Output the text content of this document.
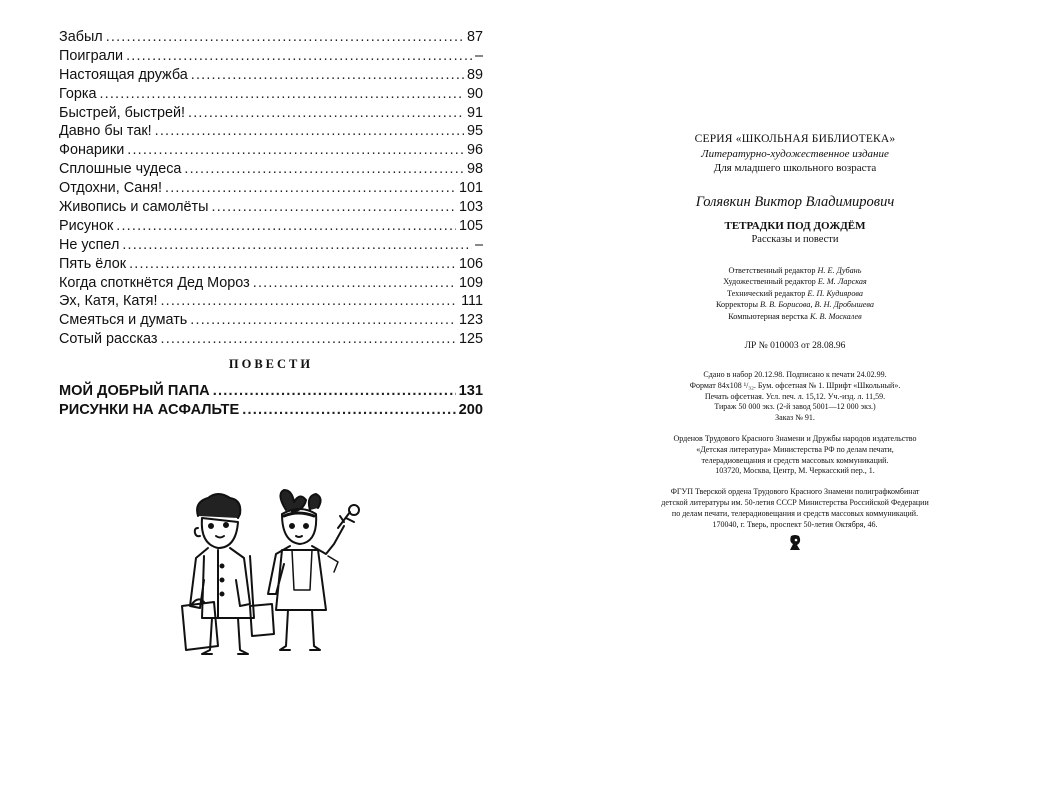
Забыл .....	87
Поиграли .....	–
Настоящая дружба .....	89
Горка .....	90
Быстрей, быстрей! .....	91
Давно бы так! .....	95
Фонарики .....	96
Сплошные чудеса .....	98
Отдохни, Саня! .....	101
Живопись и самолёты .....	103
Рисунок .....	105
Не успел .....	–
Пять ёлок .....	106
Когда споткнётся Дед Мороз .....	109
Эх, Катя, Катя! .....	111
Смеяться и думать .....	123
Сотый рассказ .....	125
ПОВЕСТИ
МОЙ ДОБРЫЙ ПАПА .....	131
РИСУНКИ НА АСФАЛЬТЕ .....	200
СЕРИЯ «ШКОЛЬНАЯ БИБЛИОТЕКА»
Литературно-художественное издание
Для младшего школьного возраста
Голявкин Виктор Владимирович
ТЕТРАДКИ ПОД ДОЖДЁМ
Рассказы и повести
Ответственный редактор Н. Е. Дубань
Художественный редактор Е. М. Ларская
Технический редактор Е. П. Кудиярова
Корректоры В. В. Борисова, В. Н. Дробышева
Компьютерная верстка К. В. Москалев
ЛР № 010003 от 28.08.96
Сдано в набор 20.12.98. Подписано к печати 24.02.99.
Формат 84x108 ¹/₃₂. Бум. офсетная № 1. Шрифт «Школьный».
Печать офсетная. Усл. печ. л. 15,12. Уч.-изд. л. 11,59.
Тираж 50 000 экз. (2-й завод 5001—12 000 экз.)
Заказ № 91.
Орденов Трудового Красного Знамени и Дружбы народов издательство
«Детская литература» Министерства РФ по делам печати,
телерадиовещания и средств массовых коммуникаций.
103720, Москва, Центр, М. Черкасский пер., 1.
ФГУП Тверской ордена Трудового Красного Знамени полиграфкомбинат
детской литературы им. 50-летия СССР Министерства Российской Федерации
по делам печати, телерадиовещания и средств массовых коммуникаций.
170040, г. Тверь, проспект 50-летия Октября, 46.
